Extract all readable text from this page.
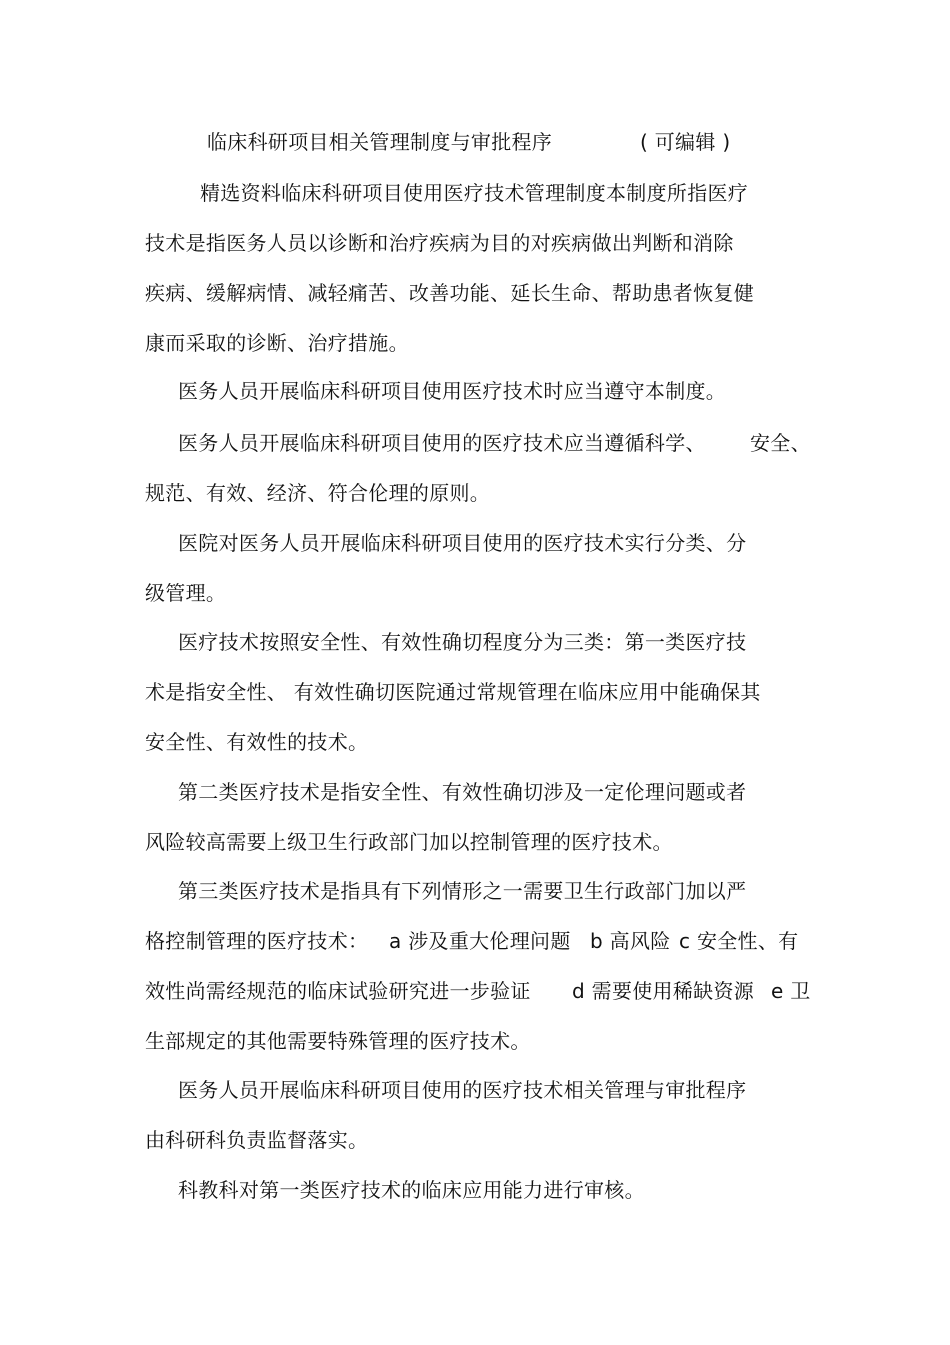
临床科研项目相关管理制度与审批程序	( 可编辑 )
精选资料临床科研项目使用医疗技术管理制度本制度所指医疗
技术是指医务人员以诊断和治疗疾病为目的对疾病做出判断和消除
疾病、缓解病情、减轻痛苦、改善功能、延长生命、帮助患者恢复健
康而采取的诊断、治疗措施。
医务人员开展临床科研项目使用医疗技术时应当遵守本制度。
医务人员开展临床科研项目使用的医疗技术应当遵循科学、 安全、
规范、有效、经济、符合伦理的原则。
医院对医务人员开展临床科研项目使用的医疗技术实行分类、分
级管理。
医疗技术按照安全性、有效性确切程度分为三类：第一类医疗技
术是指安全性、 有效性确切医院通过常规管理在临床应用中能确保其
安全性、有效性的技术。
第二类医疗技术是指安全性、有效性确切涉及一定伦理问题或者
风险较高需要上级卫生行政部门加以控制管理的医疗技术。
第三类医疗技术是指具有下列情形之一需要卫生行政部门加以严
格控制管理的医疗技术： a 涉及重大伦理问题 b 高风险 c 安全性、有
效性尚需经规范的临床试验研究进一步验证 d 需要使用稀缺资源 e 卫
生部规定的其他需要特殊管理的医疗技术。
医务人员开展临床科研项目使用的医疗技术相关管理与审批程序
由科研科负责监督落实。
科教科对第一类医疗技术的临床应用能力进行审核。
